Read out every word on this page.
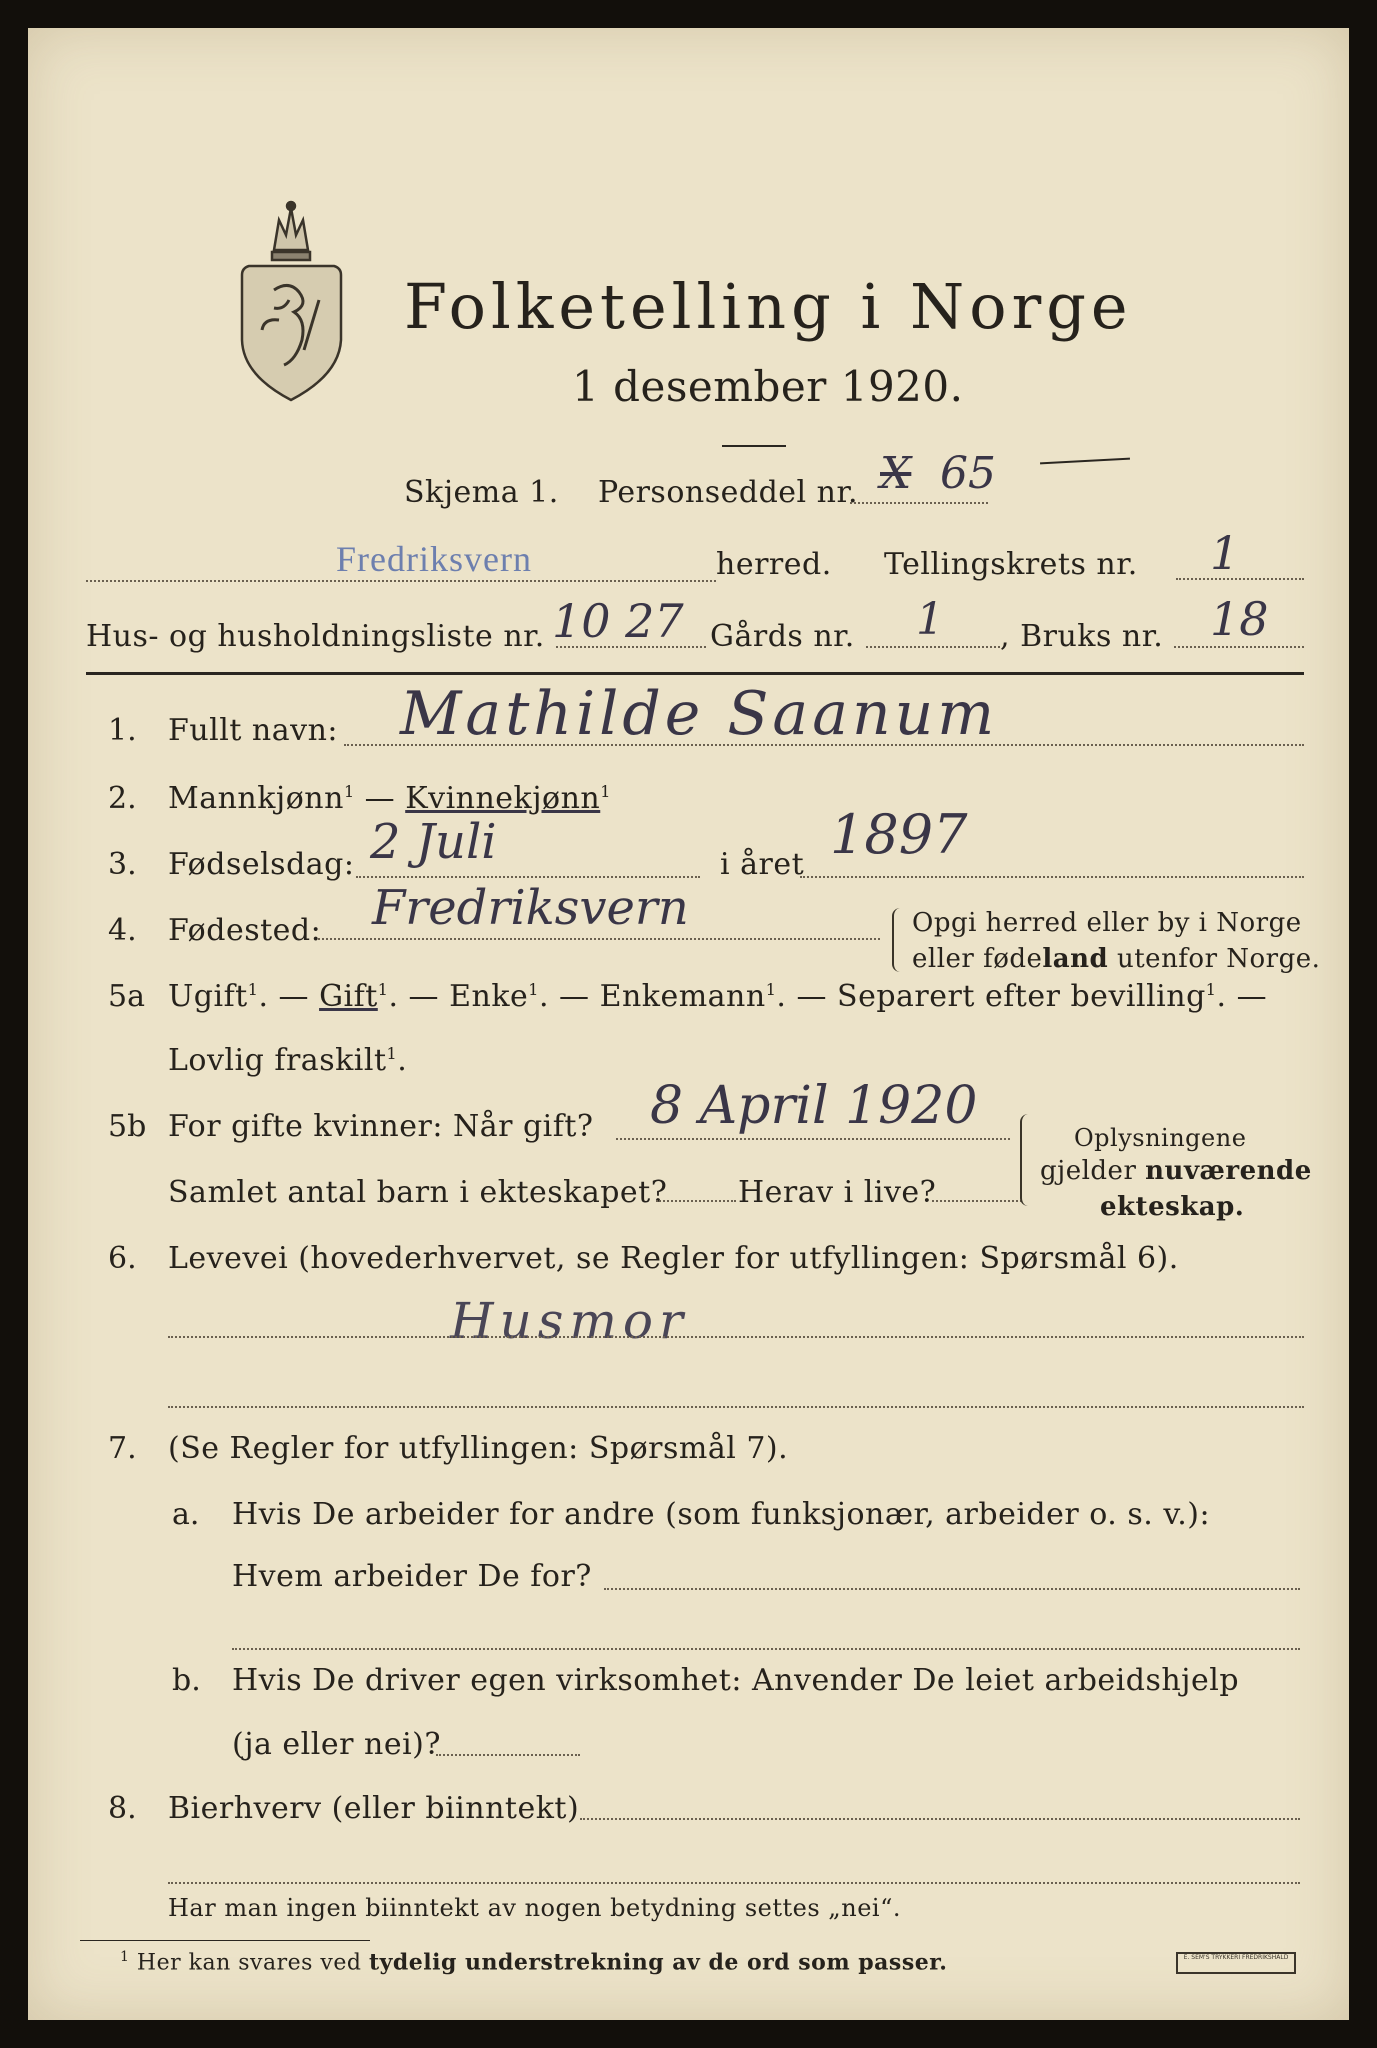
Folketelling i Norge
1 desember 1920.
Skjema 1. Personseddel nr. X 65
Fredriksvern	herred. Tellingskrets nr. 1
Hus- og husholdningsliste nr. 10 27 Gårds nr. 1 , Bruks nr. 18
1. Fullt navn: Mathilde Saanum
2. Mannkjønn$^1$ — Kvinnekjønn$^1$
3. Fødselsdag: 2 Juli	i året 1897
4. Fødested: Fredriksvern	Opgi herred eller by i Norge
eller fødeland utenfor Norge.
5a Ugift$^1$. — Gift$^1$. — Enke$^1$. — Enkemann$^1$. — Separert efter bevilling$^1$. —
Lovlig fraskilt$^1$.
5b For gifte kvinner: Når gift? 8 April 1920
Samlet antal barn i ekteskapet? Herav i live?
Oplysningene
gjelder nuværende
ekteskap.
6. Levevei (hovederhvervet, se Regler for utfyllingen: Spørsmål 6).
Husmor
7. (Se Regler for utfyllingen: Spørsmål 7).
a. Hvis De arbeider for andre (som funksjonær, arbeider o. s. v.):
Hvem arbeider De for?
b. Hvis De driver egen virksomhet: Anvender De leiet arbeidshjelp
(ja eller nei)?
8. Bierhverv (eller biinntekt)
Har man ingen biinntekt av nogen betydning settes „nei“.
$^1$ Her kan svares ved tydelig understrekning av de ord som passer.	E. SEM'S TRYKKERI FREDRIKSHALD
